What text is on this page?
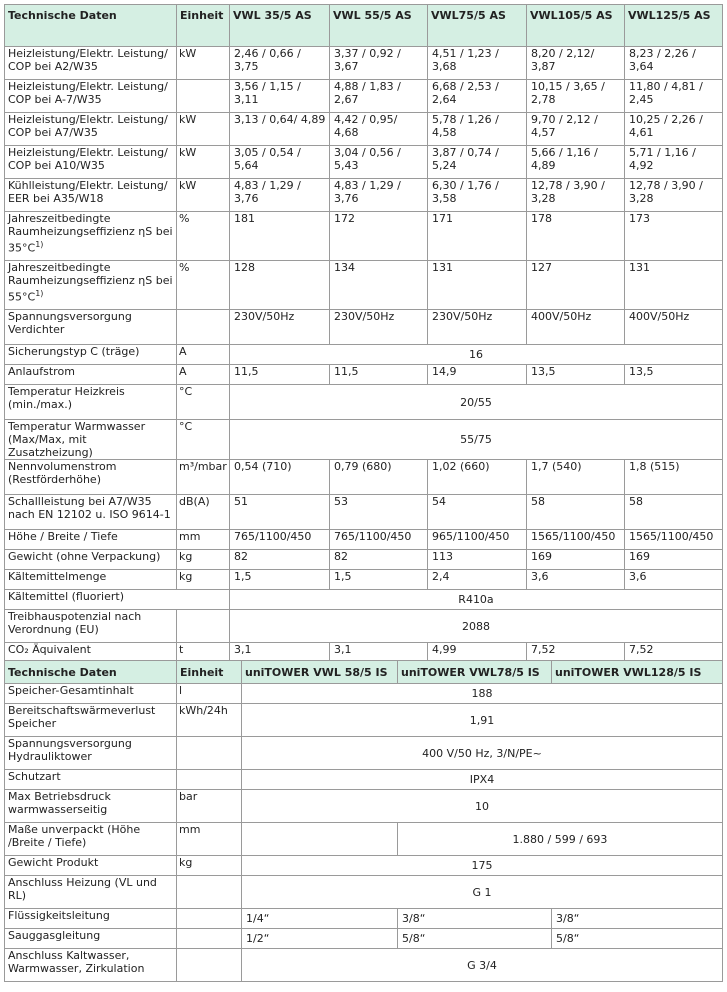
Technische Daten	Einheit	VWL 35/5 AS	VWL 55/5 AS	VWL75/5 AS	VWL105/5 AS	VWL125/5 AS
Heizleistung/Elektr. Leistung/ COP bei A2/W35	kW	2,46 / 0,66 / 3,75	3,37 / 0,92 / 3,67	4,51 / 1,23 / 3,68	8,20 / 2,12/ 3,87	8,23 / 2,26 / 3,64
Heizleistung/Elektr. Leistung/ COP bei A-7/W35		3,56 / 1,15 / 3,11	4,88 / 1,83 / 2,67	6,68 / 2,53 / 2,64	10,15 / 3,65 / 2,78	11,80 / 4,81 / 2,45
Heizleistung/Elektr. Leistung/ COP bei A7/W35	kW	3,13 / 0,64/ 4,89	4,42 / 0,95/ 4,68	5,78 / 1,26 / 4,58	9,70 / 2,12 / 4,57	10,25 / 2,26 / 4,61
Heizleistung/Elektr. Leistung/ COP bei A10/W35	kW	3,05 / 0,54 / 5,64	3,04 / 0,56 / 5,43	3,87 / 0,74 / 5,24	5,66 / 1,16 / 4,89	5,71 / 1,16 / 4,92
Kühlleistung/Elektr. Leistung/ EER bei A35/W18	kW	4,83 / 1,29 / 3,76	4,83 / 1,29 / 3,76	6,30 / 1,76 / 3,58	12,78 / 3,90 / 3,28	12,78 / 3,90 / 3,28
Jahreszeitbedingte Raumheizungseffizienz ηS bei $35^\circ C^{1)}$	%	181	172	171	178	173
Jahreszeitbedingte Raumheizungseffizienz ηS bei $55^\circ C^{1)}$	%	128	134	131	127	131
Spannungsversorgung Verdichter		230V/50Hz	230V/50Hz	230V/50Hz	400V/50Hz	400V/50Hz
Sicherungstyp C (träge)	A	16				
Anlaufstrom	A	11,5	11,5	14,9	13,5	13,5
Temperatur Heizkreis (min./max.)	°C	20/55				
Temperatur Warmwasser (Max/Max, mit Zusatzheizung)	°C	55/75				
Nennvolumenstrom (Restförderhöhe)	m³/mbar	0,54 (710)	0,79 (680)	1,02 (660)	1,7 (540)	1,8 (515)
Schallleistung bei A7/W35 nach EN 12102 u. ISO 9614-1	dB(A)	51	53	54	58	58
Höhe / Breite / Tiefe	mm	765/1100/450	765/1100/450	965/1100/450	1565/1100/450	1565/1100/450
Gewicht (ohne Verpackung)	kg	82	82	113	169	169
Kältemittelmenge	kg	1,5	1,5	2,4	3,6	3,6
Kältemittel (fluoriert)		R410a				
Treibhauspotenzial nach Verordnung (EU)		2088				
CO₂ Äquivalent	t	3,1	3,1	4,99	7,52	7,52
Technische Daten	Einheit	uniTOWER VWL 58/5 IS	uniTOWER VWL78/5 IS	uniTOWER VWL128/5 IS
Speicher-Gesamtinhalt	l	188		
Bereitschaftswärmeverlust Speicher	kWh/24h	1,91		
Spannungsversorgung Hydrauliktower		400 V/50 Hz, 3/N/PE~		
Schutzart		IPX4		
Max Betriebsdruck warmwasserseitig	bar	10		
Maße unverpackt (Höhe /Breite / Tiefe)	mm		1.880 / 599 / 693	
Gewicht Produkt	kg	175		
Anschluss Heizung (VL und RL)		G 1		
Flüssigkeitsleitung		1/4“	3/8“	3/8“
Sauggasgleitung		1/2“	5/8“	5/8“
Anschluss Kaltwasser, Warmwasser, Zirkulation		G 3/4		
